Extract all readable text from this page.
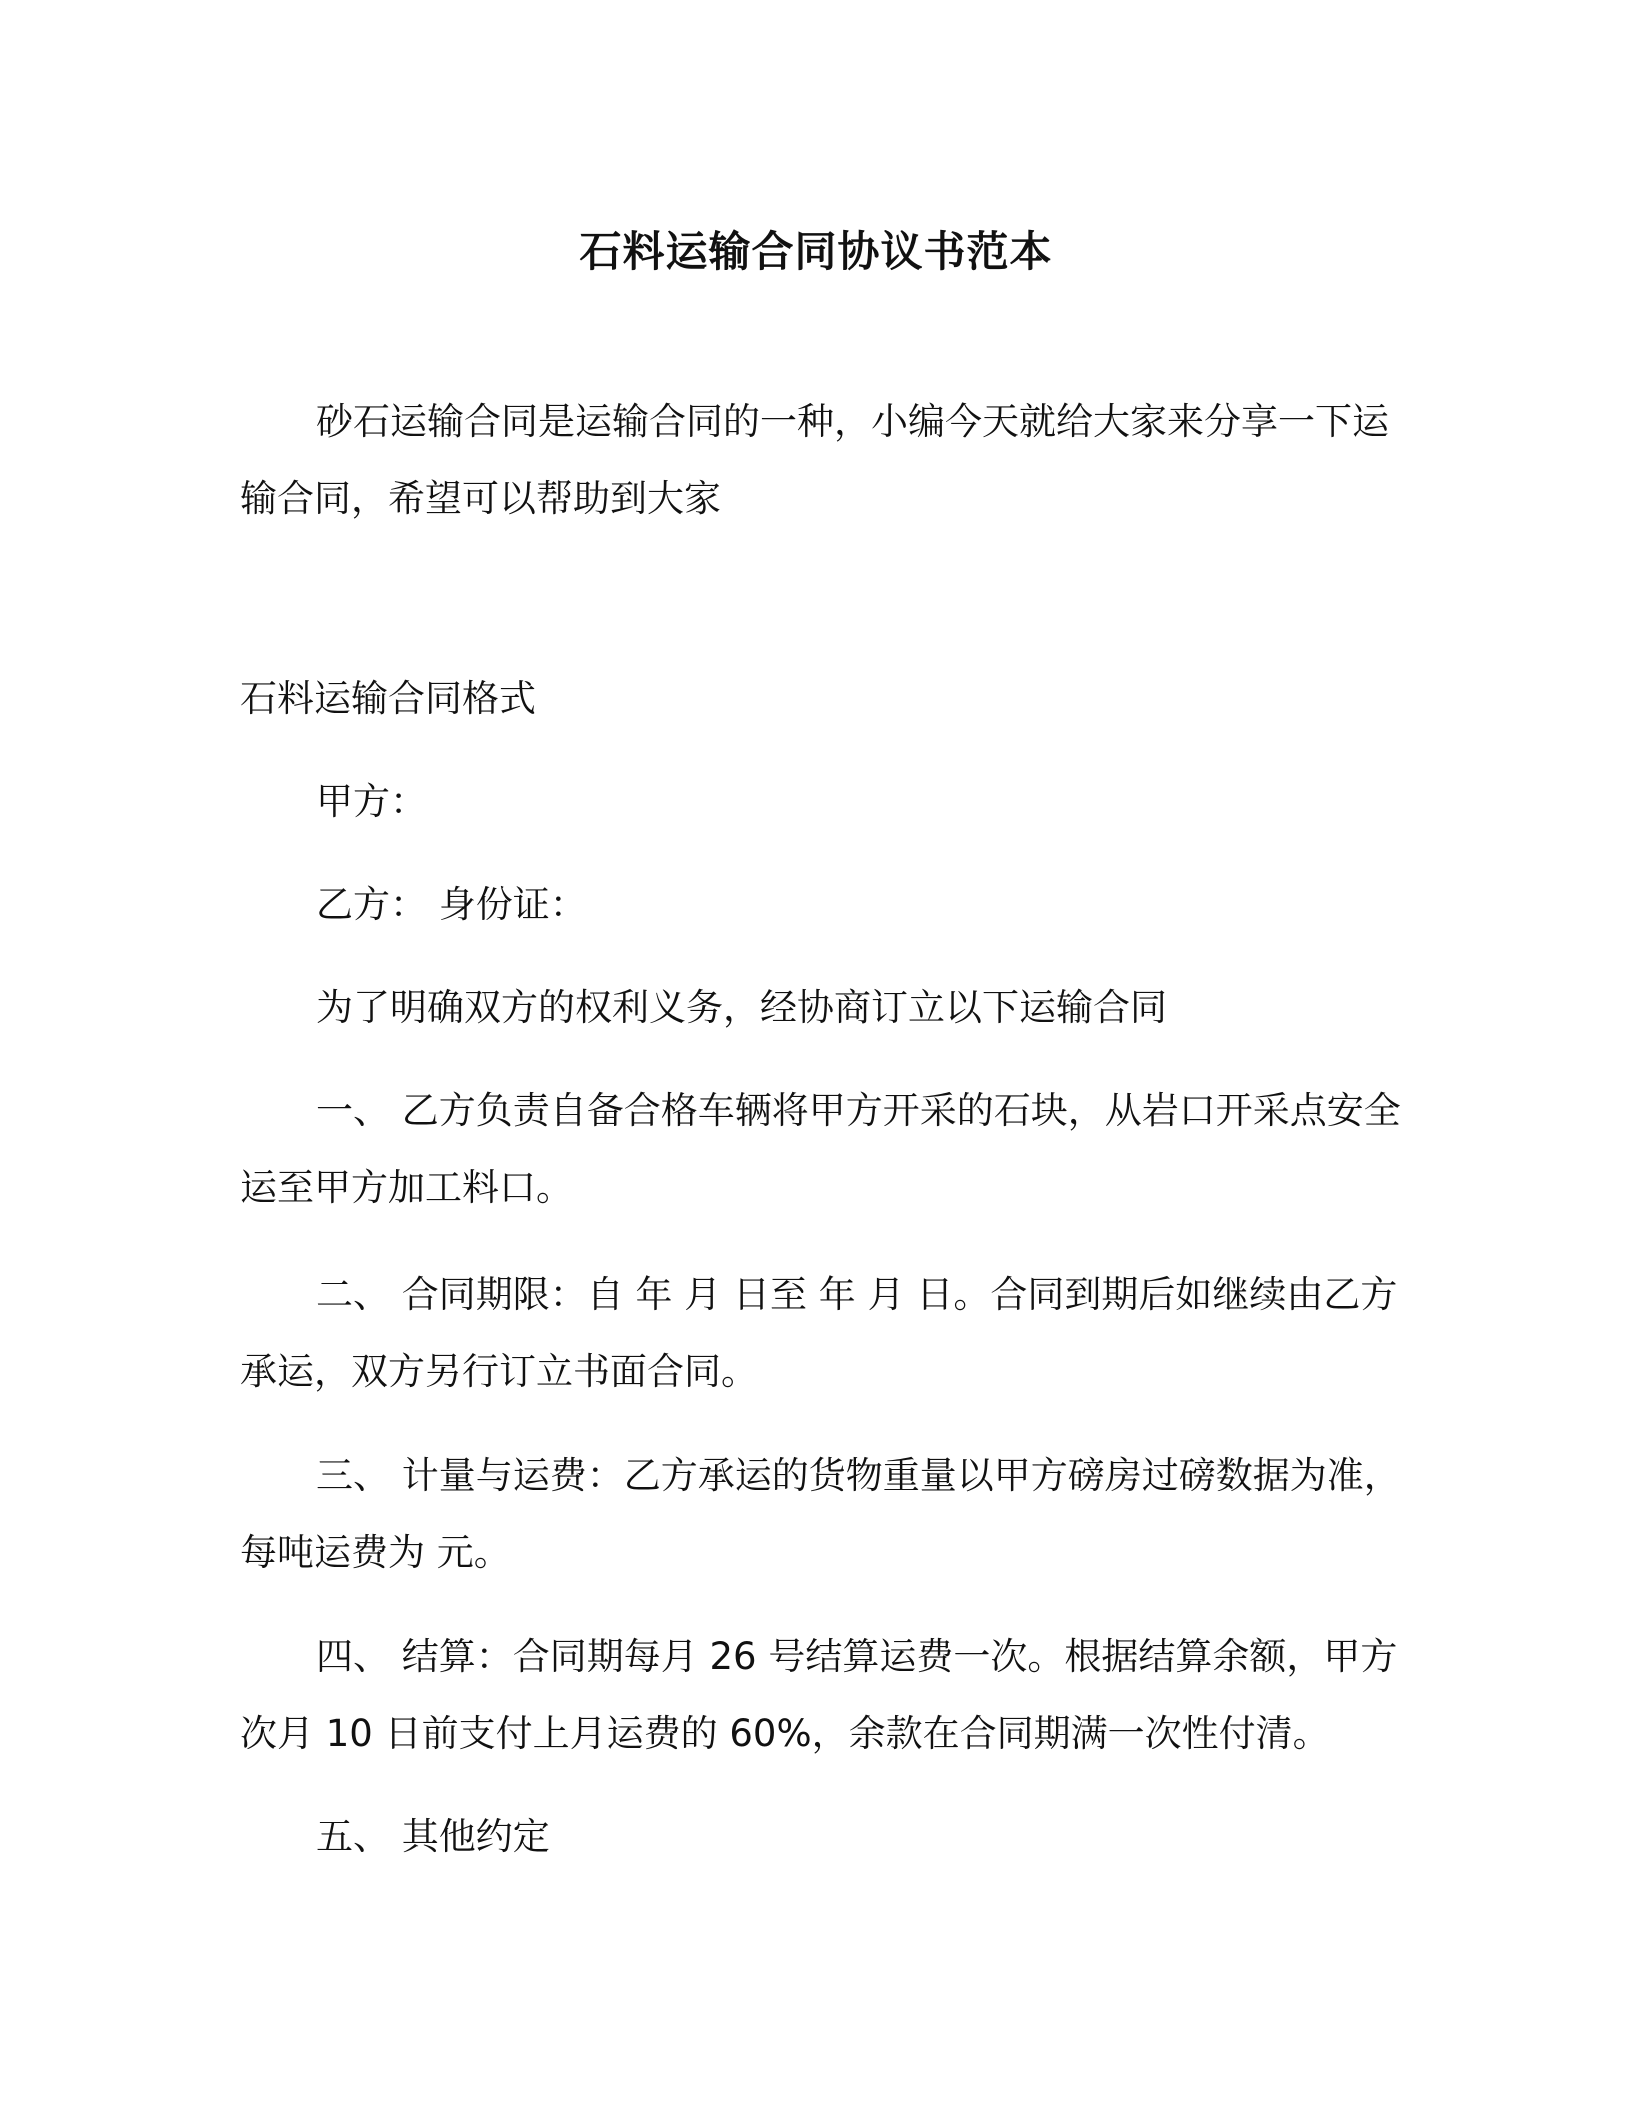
石料运输合同协议书范本
砂石运输合同是运输合同的一种，小编今天就给大家来分享一下运输合同，希望可以帮助到大家
石料运输合同格式
甲方：
乙方： 身份证：
为了明确双方的权利义务，经协商订立以下运输合同
一、 乙方负责自备合格车辆将甲方开采的石块，从岩口开采点安全运至甲方加工料口。
二、 合同期限：自 年 月 日至 年 月 日。合同到期后如继续由乙方承运，双方另行订立书面合同。
三、 计量与运费：乙方承运的货物重量以甲方磅房过磅数据为准，每吨运费为 元。
四、 结算：合同期每月 26 号结算运费一次。根据结算余额，甲方次月 10 日前支付上月运费的 60%，余款在合同期满一次性付清。
五、 其他约定
